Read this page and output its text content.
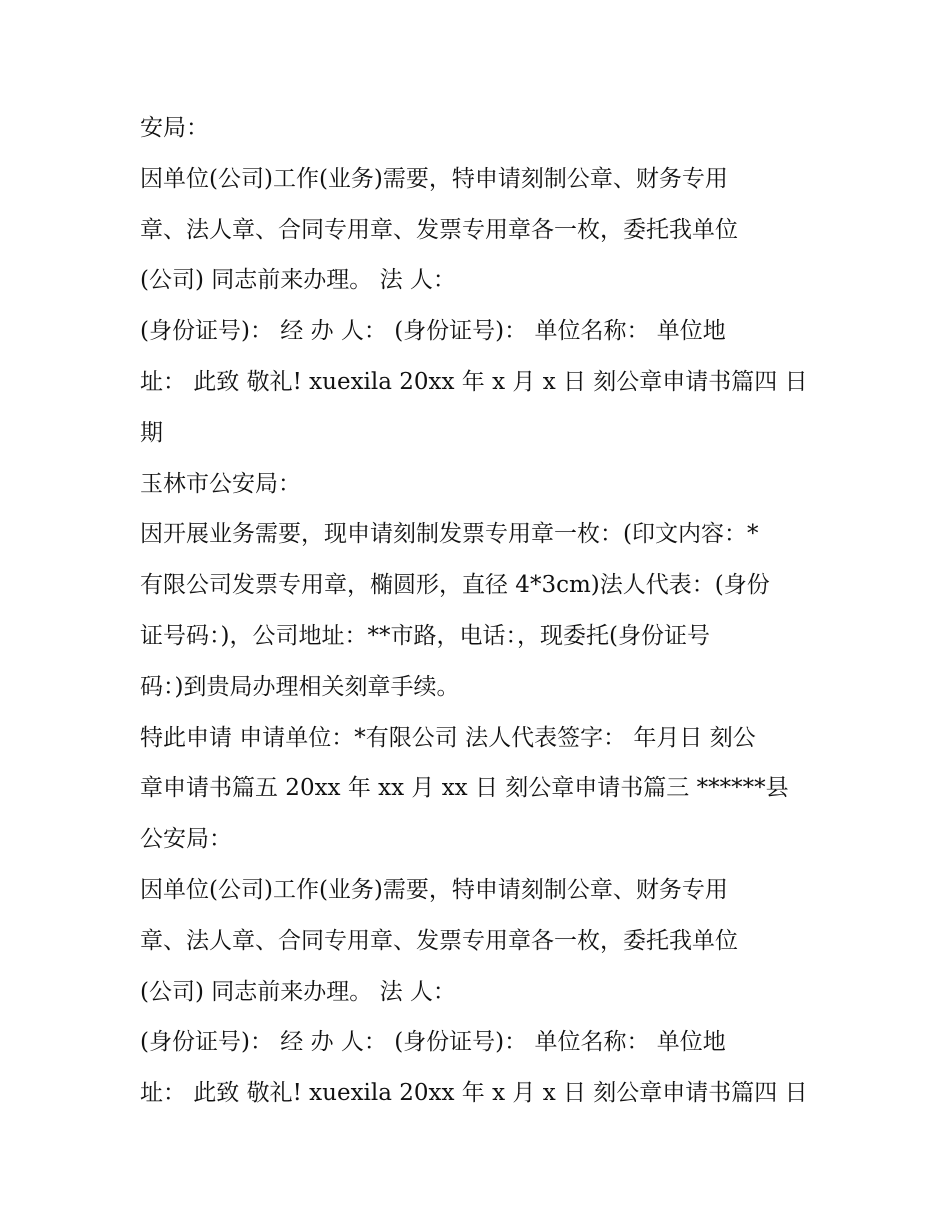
安局：
因单位(公司)工作(业务)需要，特申请刻制公章、财务专用
章、法人章、合同专用章、发票专用章各一枚，委托我单位
(公司) 同志前来办理。 法 人：
(身份证号)： 经 办 人： (身份证号)： 单位名称： 单位地
址： 此致 敬礼! xuexila 20xx 年 x 月 x 日 刻公章申请书篇四 日
期
玉林市公安局：
因开展业务需要，现申请刻制发票专用章一枚：(印文内容：*
有限公司发票专用章，椭圆形，直径 4*3cm)法人代表：(身份
证号码：)，公司地址：**市路，电话：，现委托(身份证号
码：)到贵局办理相关刻章手续。
特此申请 申请单位：*有限公司 法人代表签字： 年月日 刻公
章申请书篇五 20xx 年 xx 月 xx 日 刻公章申请书篇三 ******县
公安局：
因单位(公司)工作(业务)需要，特申请刻制公章、财务专用
章、法人章、合同专用章、发票专用章各一枚，委托我单位
(公司) 同志前来办理。 法 人：
(身份证号)： 经 办 人： (身份证号)： 单位名称： 单位地
址： 此致 敬礼! xuexila 20xx 年 x 月 x 日 刻公章申请书篇四 日
